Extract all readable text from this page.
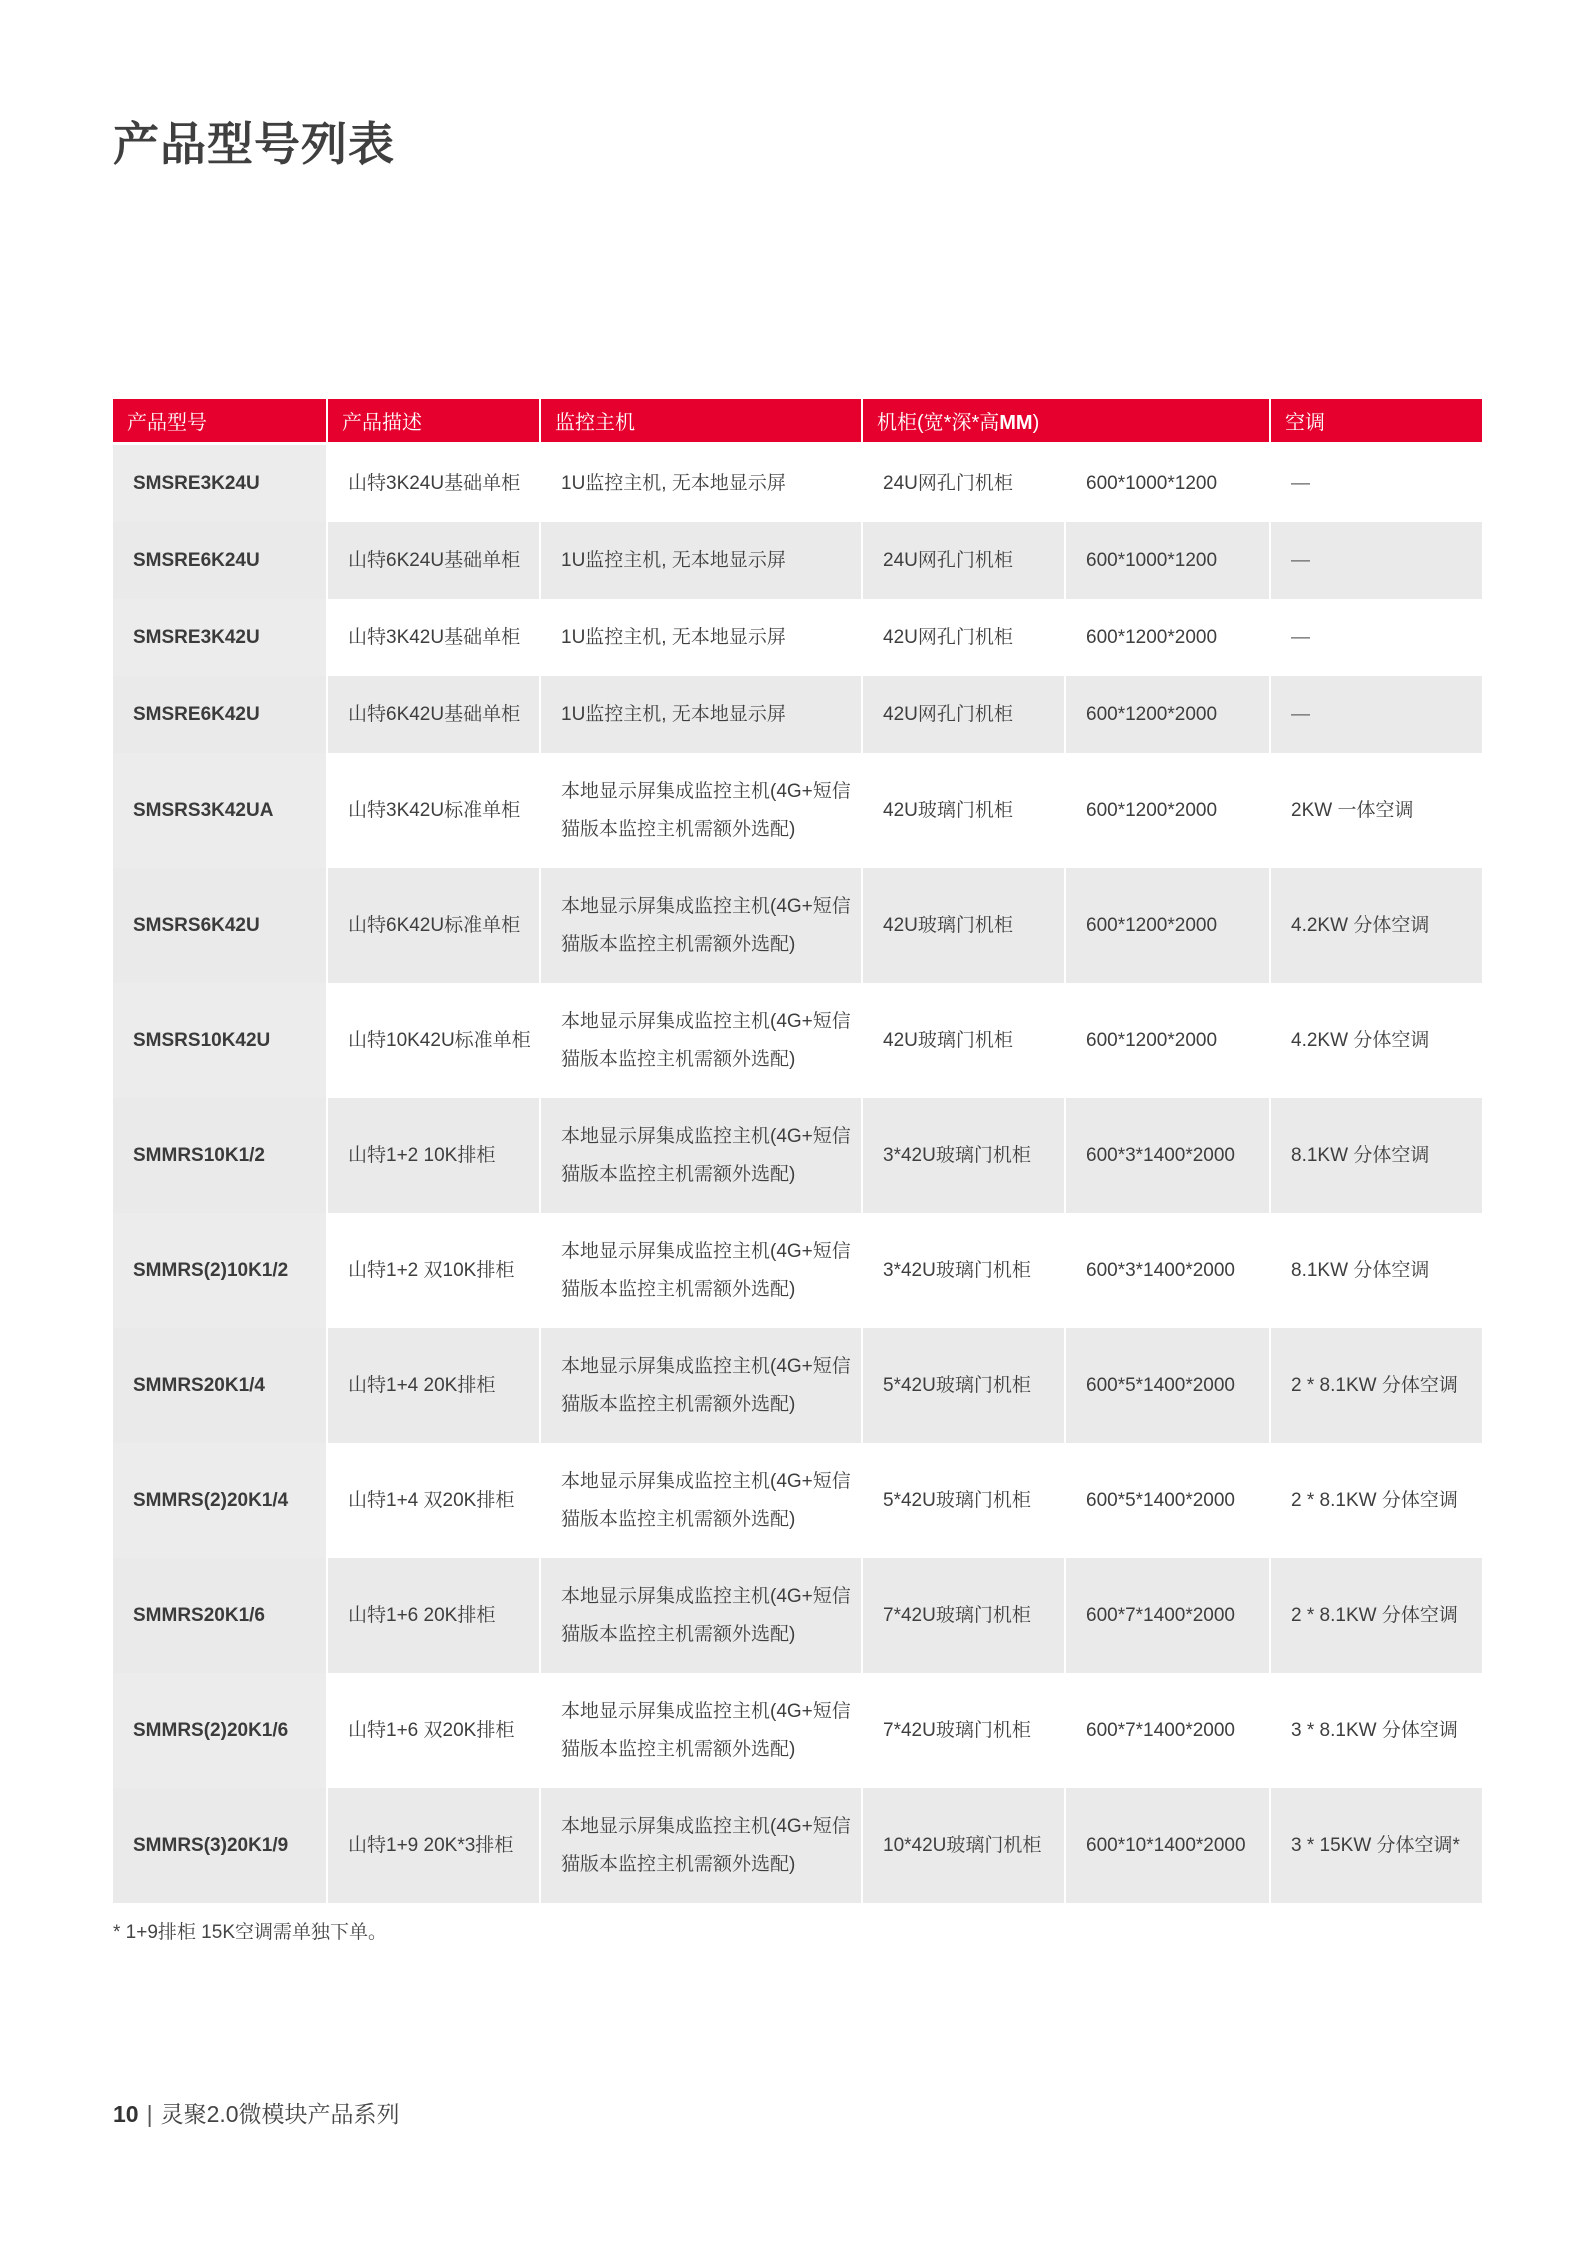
产品型号列表
产品型号	产品描述	监控主机	机柜(宽*深*高MM)		空调
SMSRE3K24U	山特3K24U基础单柜	1U监控主机, 无本地显示屏	24U网孔门机柜	600*1000*1200	—
SMSRE6K24U	山特6K24U基础单柜	1U监控主机, 无本地显示屏	24U网孔门机柜	600*1000*1200	—
SMSRE3K42U	山特3K42U基础单柜	1U监控主机, 无本地显示屏	42U网孔门机柜	600*1200*2000	—
SMSRE6K42U	山特6K42U基础单柜	1U监控主机, 无本地显示屏	42U网孔门机柜	600*1200*2000	—
SMSRS3K42UA	山特3K42U标准单柜	本地显示屏集成监控主机(4G+短信猫版本监控主机需额外选配)	42U玻璃门机柜	600*1200*2000	2KW 一体空调
SMSRS6K42U	山特6K42U标准单柜	本地显示屏集成监控主机(4G+短信猫版本监控主机需额外选配)	42U玻璃门机柜	600*1200*2000	4.2KW 分体空调
SMSRS10K42U	山特10K42U标准单柜	本地显示屏集成监控主机(4G+短信猫版本监控主机需额外选配)	42U玻璃门机柜	600*1200*2000	4.2KW 分体空调
SMMRS10K1/2	山特1+2 10K排柜	本地显示屏集成监控主机(4G+短信猫版本监控主机需额外选配)	3*42U玻璃门机柜	600*3*1400*2000	8.1KW 分体空调
SMMRS(2)10K1/2	山特1+2 双10K排柜	本地显示屏集成监控主机(4G+短信猫版本监控主机需额外选配)	3*42U玻璃门机柜	600*3*1400*2000	8.1KW 分体空调
SMMRS20K1/4	山特1+4 20K排柜	本地显示屏集成监控主机(4G+短信猫版本监控主机需额外选配)	5*42U玻璃门机柜	600*5*1400*2000	2 * 8.1KW 分体空调
SMMRS(2)20K1/4	山特1+4 双20K排柜	本地显示屏集成监控主机(4G+短信猫版本监控主机需额外选配)	5*42U玻璃门机柜	600*5*1400*2000	2 * 8.1KW 分体空调
SMMRS20K1/6	山特1+6 20K排柜	本地显示屏集成监控主机(4G+短信猫版本监控主机需额外选配)	7*42U玻璃门机柜	600*7*1400*2000	2 * 8.1KW 分体空调
SMMRS(2)20K1/6	山特1+6 双20K排柜	本地显示屏集成监控主机(4G+短信猫版本监控主机需额外选配)	7*42U玻璃门机柜	600*7*1400*2000	3 * 8.1KW 分体空调
SMMRS(3)20K1/9	山特1+9 20K*3排柜	本地显示屏集成监控主机(4G+短信猫版本监控主机需额外选配)	10*42U玻璃门机柜	600*10*1400*2000	3 * 15KW 分体空调*

* 1+9排柜 15K空调需单独下单。

10 | 灵聚2.0微模块产品系列
